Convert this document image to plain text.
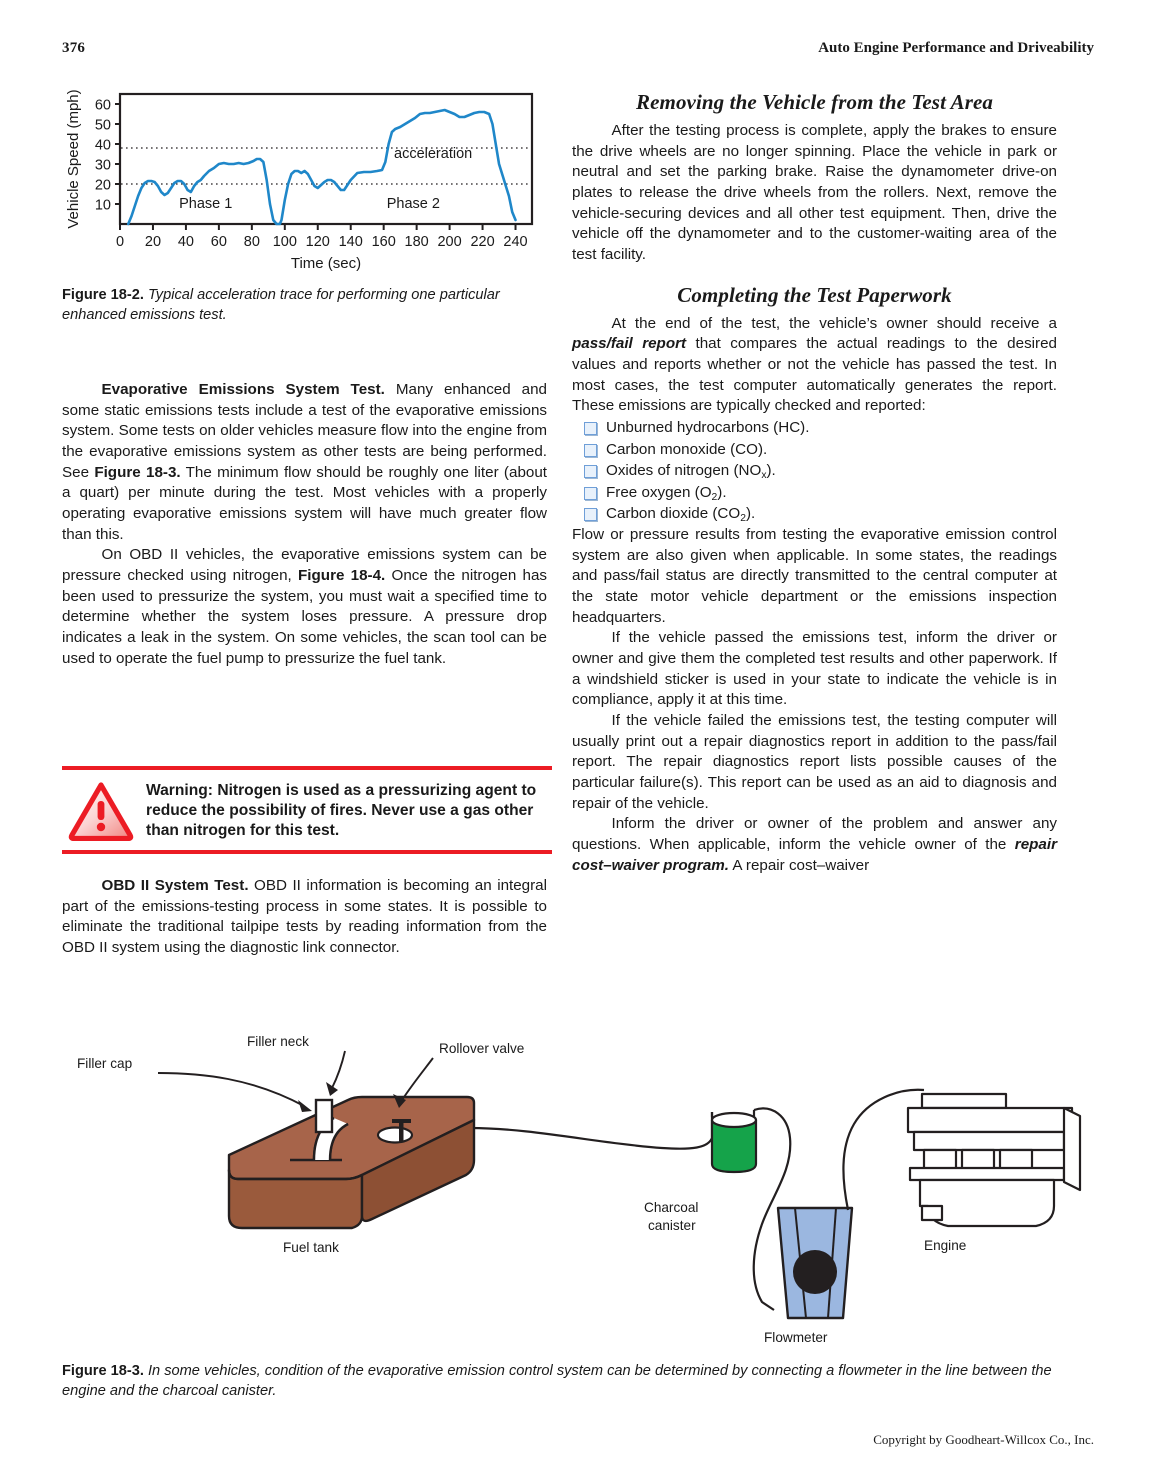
376	Auto Engine Performance and Driveability
10
20
30
40
50
60
0 20 40 60 80 100 120 140 160 180 200 220 240
acceleration
Phase 1	Phase 2
Time (sec)
Vehicle Speed (mph)
Figure 18-2. Typical acceleration trace for performing one particular enhanced emissions test.

Evaporative Emissions System Test. Many enhanced and some static emissions tests include a test of the evaporative emissions system. Some tests on older vehicles measure flow into the engine from the evaporative emissions system as other tests are being performed. See Figure 18-3. The minimum flow should be roughly one liter (about a quart) per minute during the test. Most vehicles with a properly operating evaporative emissions system will have much greater flow than this.

On OBD II vehicles, the evaporative emissions system can be pressure checked using nitrogen, Figure 18-4. Once the nitrogen has been used to pressurize the system, you must wait a specified time to determine whether the system loses pressure. A pressure drop indicates a leak in the system. On some vehicles, the scan tool can be used to operate the fuel pump to pressurize the fuel tank.

Warning: Nitrogen is used as a pressurizing agent to reduce the possibility of fires. Never use a gas other than nitrogen for this test.

OBD II System Test. OBD II information is becoming an integral part of the emissions-testing process in some states. It is possible to eliminate the traditional tailpipe tests by reading information from the OBD II system using the diagnostic link connector.

Removing the Vehicle from the Test Area

After the testing process is complete, apply the brakes to ensure the drive wheels are no longer spinning. Place the vehicle in park or neutral and set the parking brake. Raise the dynamometer drive-on plates to release the drive wheels from the rollers. Next, remove the vehicle-securing devices and all other test equipment. Then, drive the vehicle off the dynamometer and to the customer-waiting area of the test facility.

Completing the Test Paperwork

At the end of the test, the vehicle’s owner should receive a pass/fail report that compares the actual readings to the desired values and reports whether or not the vehicle has passed the test. In most cases, the test computer automatically generates the report. These emissions are typically checked and reported:

Unburned hydrocarbons (HC).
Carbon monoxide (CO).
Oxides of nitrogen $(NO_x)$.
Free oxygen $(O_2)$.
Carbon dioxide $(CO_2)$.

Flow or pressure results from testing the evaporative emission control system are also given when applicable. In some states, the readings and pass/fail status are directly transmitted to the central computer at the state motor vehicle department or the emissions inspection headquarters.

If the vehicle passed the emissions test, inform the driver or owner and give them the completed test results and other paperwork. If a windshield sticker is used in your state to indicate the vehicle is in compliance, apply it at this time.

If the vehicle failed the emissions test, the testing computer will usually print out a repair diagnostics report in addition to the pass/fail report. The repair diagnostics report lists possible causes of the particular failure(s). This report can be used as an aid to diagnosis and repair of the vehicle.

Inform the driver or owner of the problem and answer any questions. When applicable, inform the vehicle owner of the repair cost–waiver program. A repair cost–waiver

Filler cap
Filler neck	Rollover valve
Fuel tank
Charcoal
canister
Flowmeter
Engine
Figure 18-3. In some vehicles, condition of the evaporative emission control system can be determined by connecting a flowmeter in the line between the engine and the charcoal canister.
Copyright by Goodheart-Willcox Co., Inc.
